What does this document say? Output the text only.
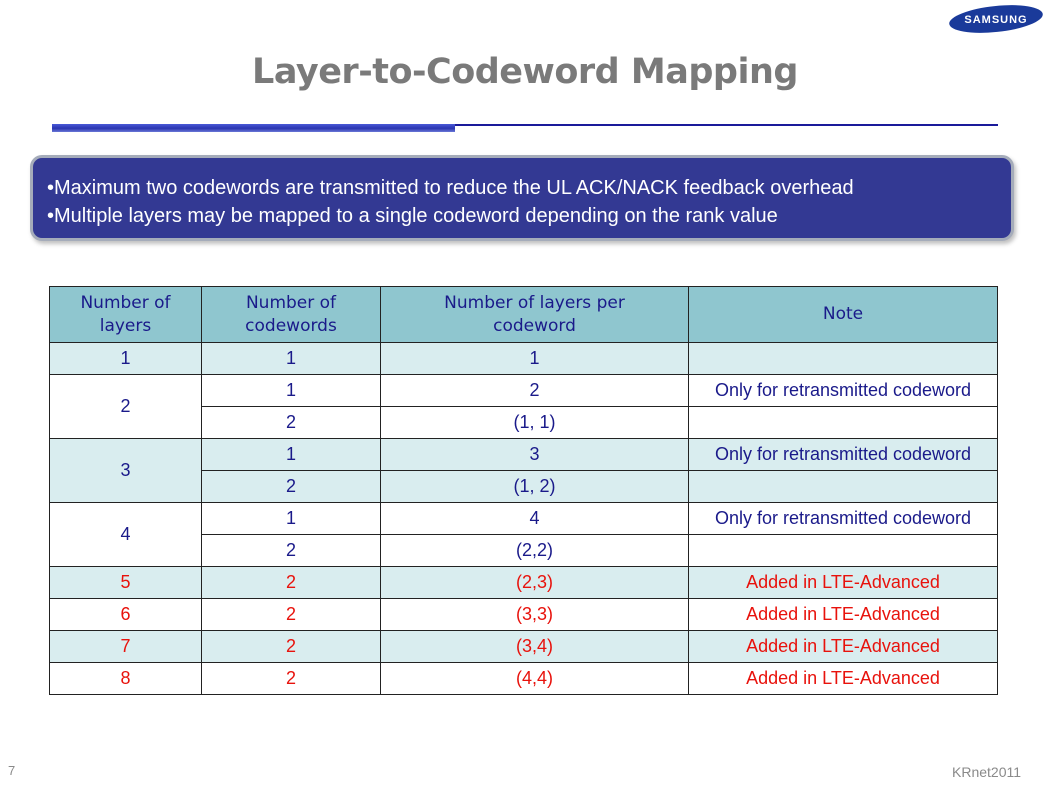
SAMSUNG
Layer-to-Codeword Mapping
•Maximum two codewords are transmitted to reduce the UL ACK/NACK feedback overhead
•Multiple layers may be mapped to a single codeword depending on the rank value
Number of layers	Number of codewords	Number of layers per codeword	Note
1	1	1	
2	1	2	Only for retransmitted codeword
	2	(1, 1)	
3	1	3	Only for retransmitted codeword
	2	(1, 2)	
4	1	4	Only for retransmitted codeword
	2	(2,2)	
5	2	(2,3)	Added in LTE-Advanced
6	2	(3,3)	Added in LTE-Advanced
7	2	(3,4)	Added in LTE-Advanced
8	2	(4,4)	Added in LTE-Advanced
7	KRnet2011
